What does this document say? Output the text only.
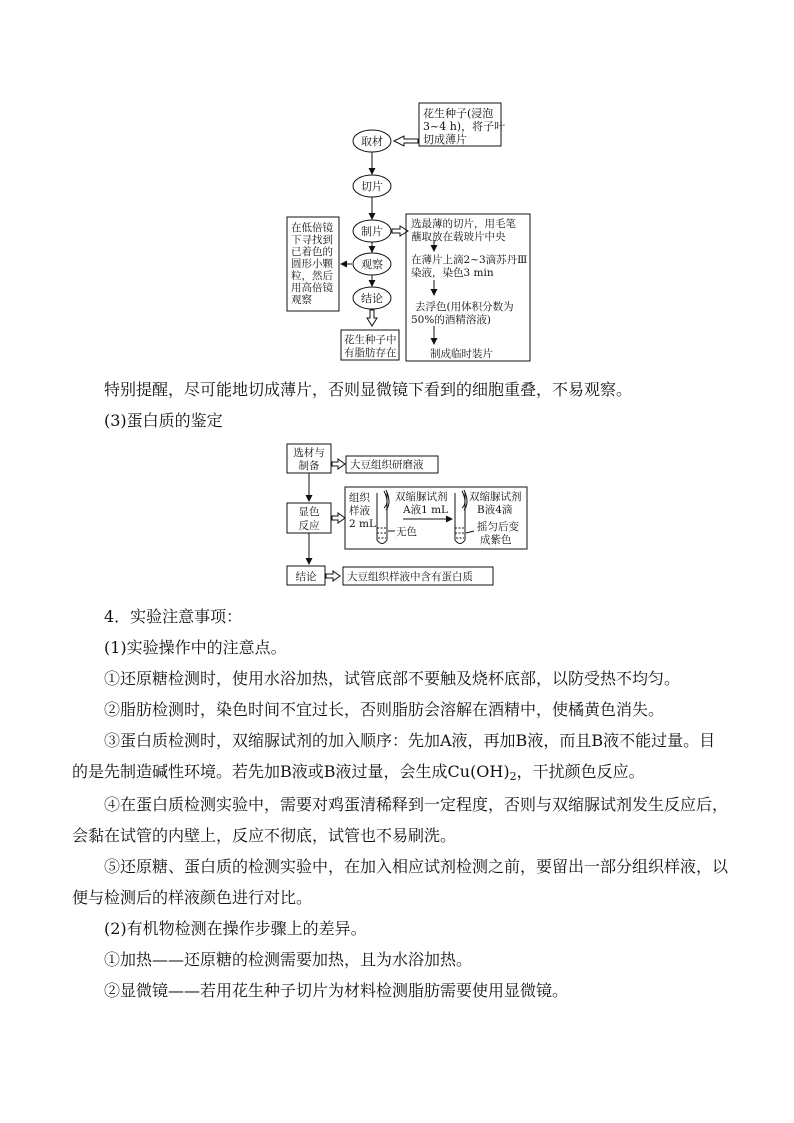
花生种子(浸泡
3~4 h)，将子叶
切成薄片
取材
切片
制片
观察
结论
在低倍镜
下寻找到
已着色的
圆形小颗
粒，然后
用高倍镜
观察
选最薄的切片，用毛笔
蘸取放在载玻片中央
在薄片上滴2~3滴苏丹Ⅲ
染液，染色3 min
去浮色(用体积分数为
50%的酒精溶液)
制成临时装片
花生种子中
有脂肪存在
特别提醒，尽可能地切成薄片，否则显微镜下看到的细胞重叠，不易观察。
(3)蛋白质的鉴定
选材与
制备
显色
反应
结论
大豆组织研磨液
组织
样液
2 mL
双缩脲试剂
A液1 mL
无色
双缩脲试剂
B液4滴
摇匀后变
成紫色
大豆组织样液中含有蛋白质
4．实验注意事项：
(1)实验操作中的注意点。
①还原糖检测时，使用水浴加热，试管底部不要触及烧杯底部，以防受热不均匀。
②脂肪检测时，染色时间不宜过长，否则脂肪会溶解在酒精中，使橘黄色消失。
③蛋白质检测时，双缩脲试剂的加入顺序：先加A液，再加B液，而且B液不能过量。目
的是先制造碱性环境。若先加B液或B液过量，会生成$Cu(OH)_2$，干扰颜色反应。
④在蛋白质检测实验中，需要对鸡蛋清稀释到一定程度，否则与双缩脲试剂发生反应后，
会黏在试管的内壁上，反应不彻底，试管也不易刷洗。
⑤还原糖、蛋白质的检测实验中，在加入相应试剂检测之前，要留出一部分组织样液，以
便与检测后的样液颜色进行对比。
(2)有机物检测在操作步骤上的差异。
①加热——还原糖的检测需要加热，且为水浴加热。
②显微镜——若用花生种子切片为材料检测脂肪需要使用显微镜。
